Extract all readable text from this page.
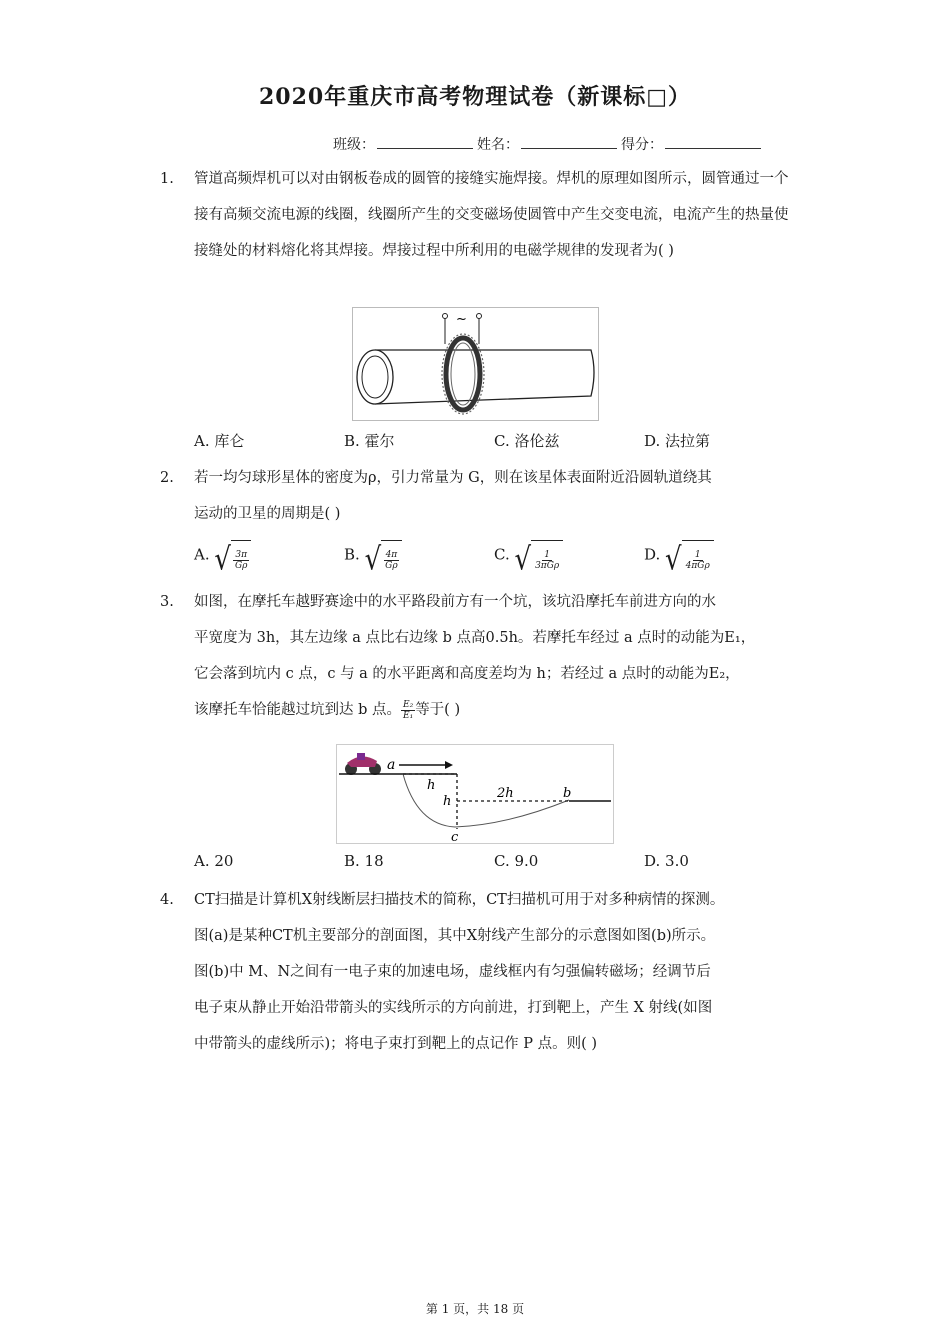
2020年重庆市高考物理试卷（新课标□）
班级：	姓名：	得分：
1. 管道高频焊机可以对由钢板卷成的圆管的接缝实施焊接。焊机的原理如图所示，圆管通过一个接有高频交流电源的线圈，线圈所产生的交变磁场使圆管中产生交变电流，电流产生的热量使接缝处的材料熔化将其焊接。焊接过程中所利用的电磁学规律的发现者为( )
~
A. 库仑	B. 霍尔	C. 洛伦兹	D. 法拉第
2. 若一均匀球形星体的密度为ρ，引力常量为 G，则在该星体表面附近沿圆轨道绕其
运动的卫星的周期是( )
A. √ $\frac{3\pi}{G\rho}$	B. √ $\frac{4\pi}{G\rho}$	C. √ $\frac{1}{\text{3πGρ}}$	D. √ $\frac{1}{\text{4πGρ}}$
3. 如图，在摩托车越野赛途中的水平路段前方有一个坑，该坑沿摩托车前进方向的水
平宽度为 3h，其左边缘 a 点比右边缘 b 点高0.5h。若摩托车经过 a 点时的动能为E₁，
它会落到坑内 c 点，c 与 a 的水平距离和高度差均为 h；若经过 a 点时的动能为E₂，
该摩托车恰能越过坑到达 b 点。 $\frac{\text{E₂}}{\text{E₁}}$ 等于( )
a
h
h
2h	b
c
A. 20	B. 18	C. 9.0	D. 3.0
4. CT扫描是计算机X射线断层扫描技术的简称，CT扫描机可用于对多种病情的探测。
图(a)是某种CT机主要部分的剖面图，其中X射线产生部分的示意图如图(b)所示。
图(b)中 M、N之间有一电子束的加速电场，虚线框内有匀强偏转磁场；经调节后
电子束从静止开始沿带箭头的实线所示的方向前进，打到靶上，产生 X 射线(如图
中带箭头的虚线所示)；将电子束打到靶上的点记作 P 点。则( )
第 1 页，共 18 页
